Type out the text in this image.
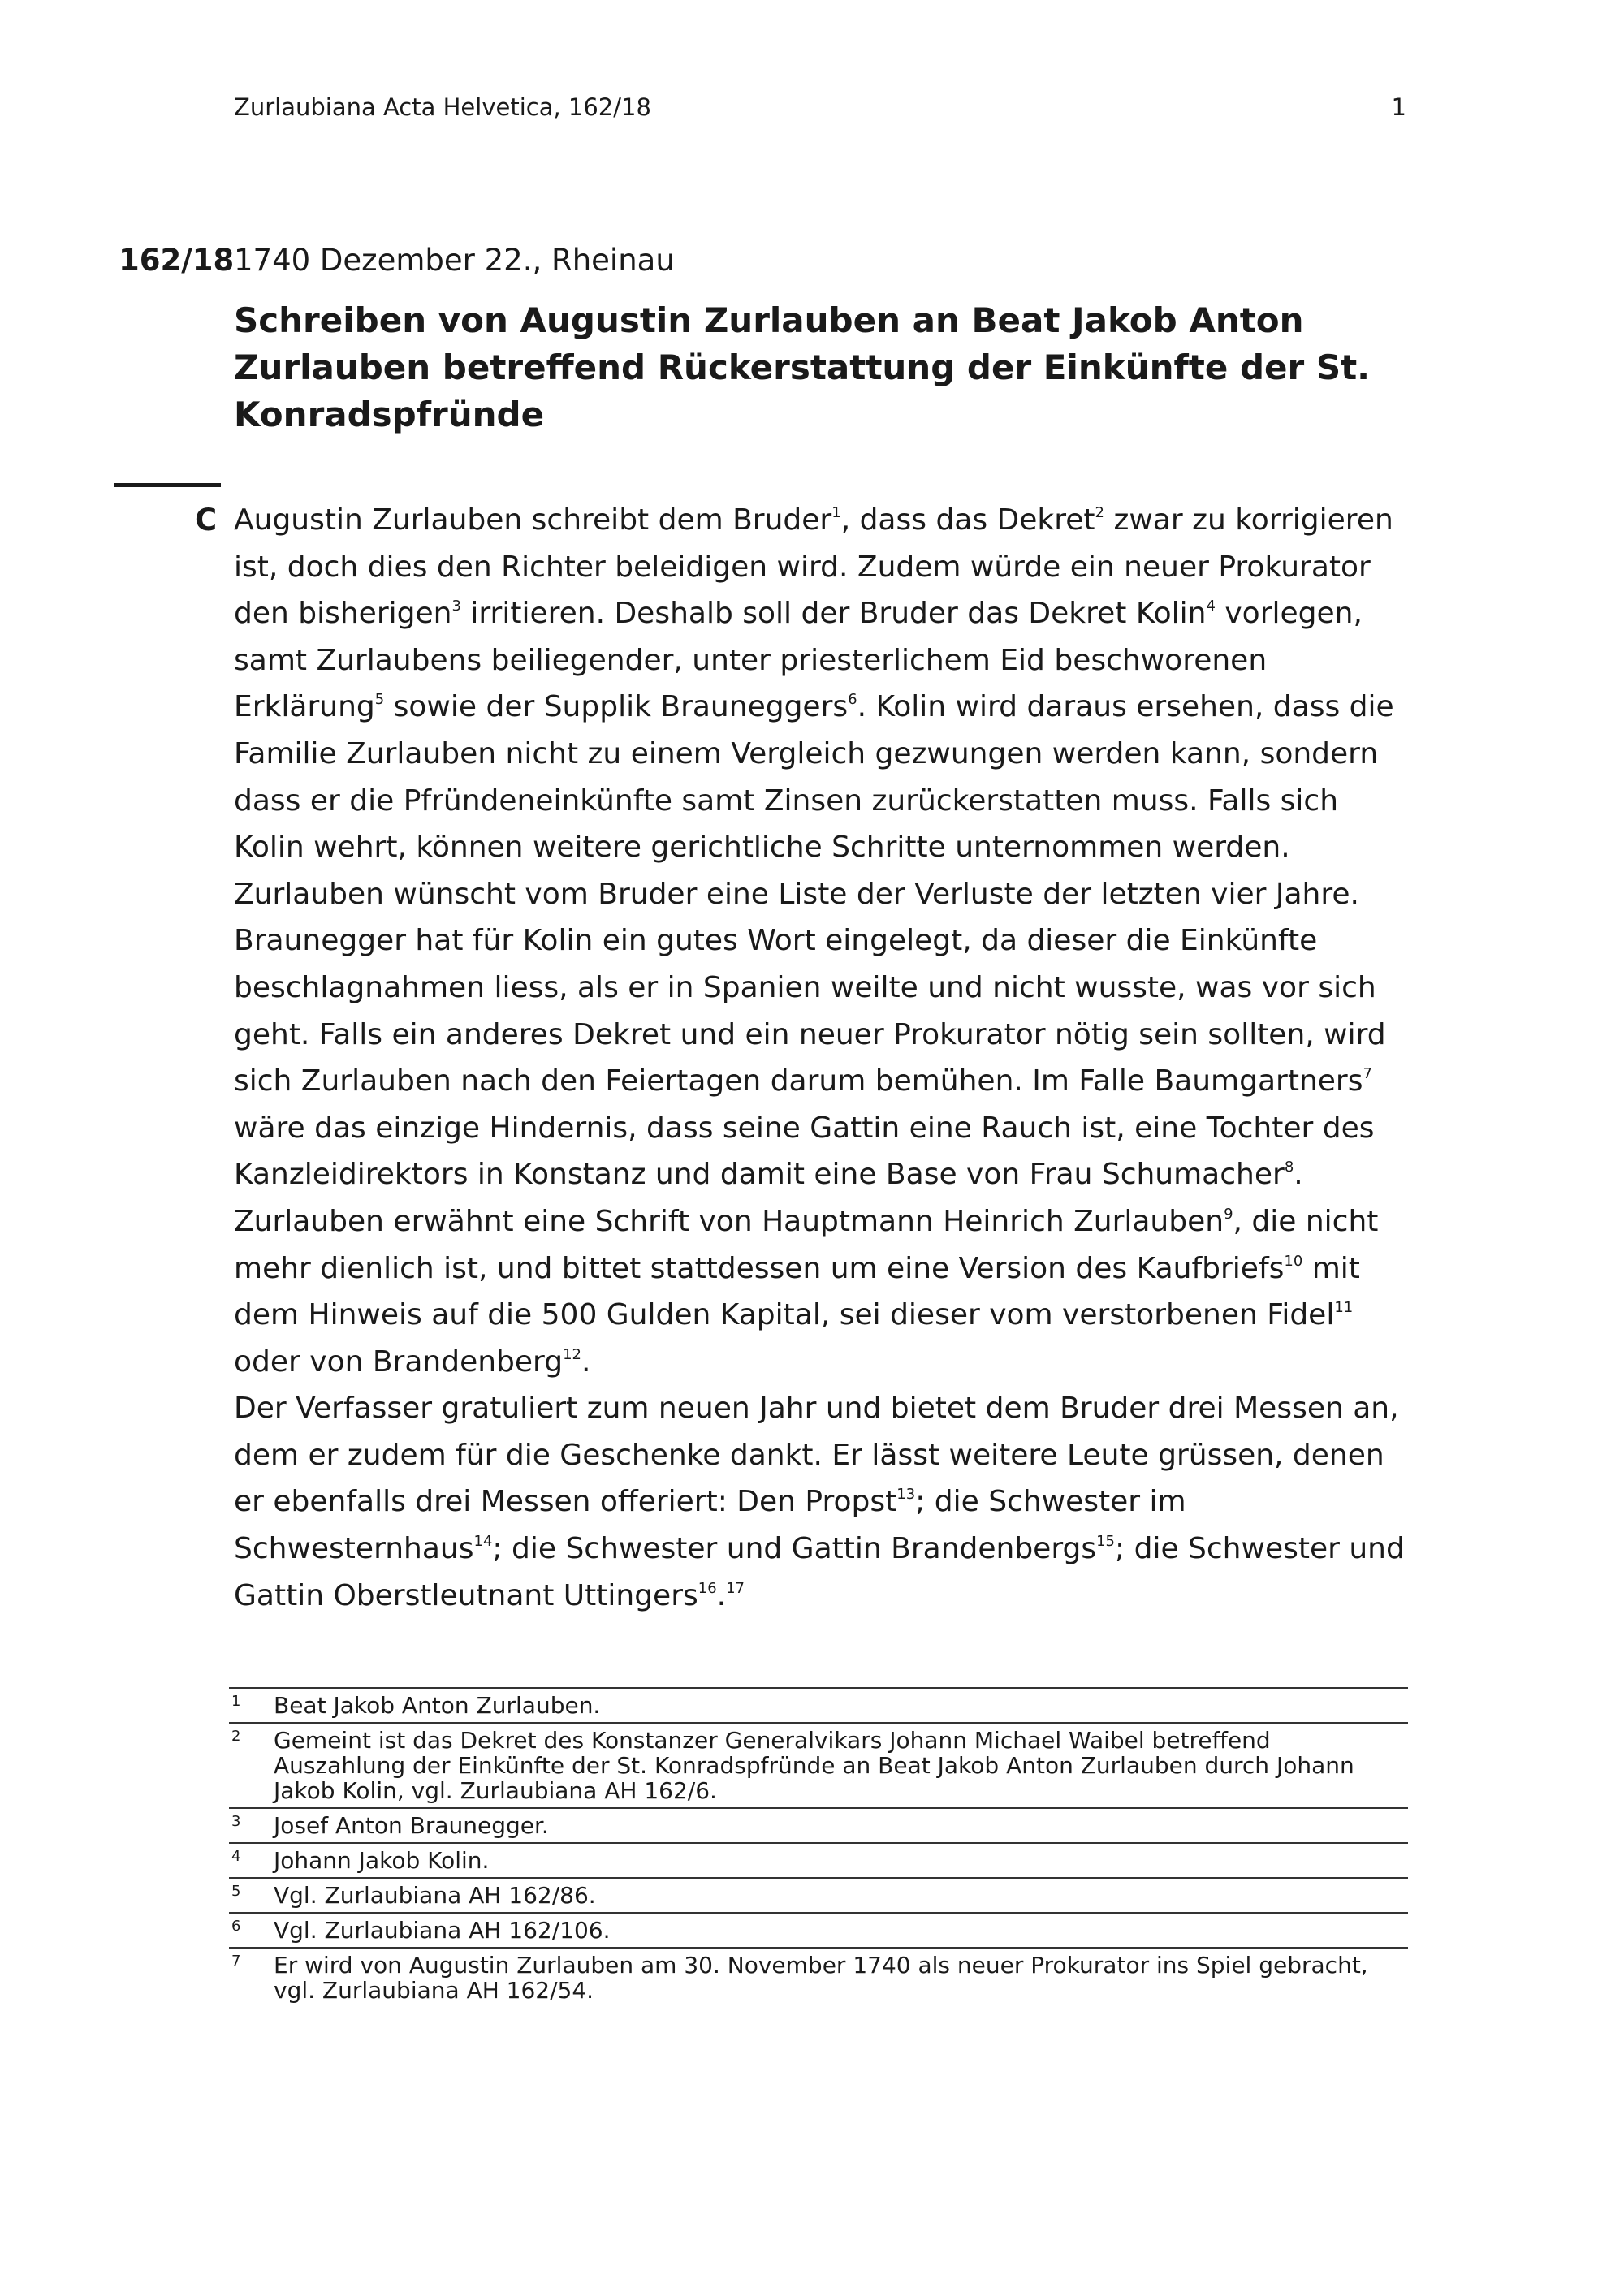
Zurlaubiana Acta Helvetica, 162/18	1
162/18 1740 Dezember 22., Rheinau
Schreiben von Augustin Zurlauben an Beat Jakob Anton Zurlauben betreffend Rückerstattung der Einkünfte der St. Konradspfründe
C Augustin Zurlauben schreibt dem Bruder$^1$, dass das Dekret$^2$ zwar zu korrigieren ist, doch dies den Richter beleidigen wird. Zudem würde ein neuer Prokurator den bisherigen$^3$ irritieren. Deshalb soll der Bruder das Dekret Kolin$^4$ vorlegen, samt Zurlaubens beiliegender, unter priesterlichem Eid beschworenen Erklärung$^5$ sowie der Supplik Brauneggers$^6$. Kolin wird daraus ersehen, dass die Familie Zurlauben nicht zu einem Vergleich gezwungen werden kann, sondern dass er die Pfründeneinkünfte samt Zinsen zurückerstatten muss. Falls sich Kolin wehrt, können weitere gerichtliche Schritte unternommen werden. Zurlauben wünscht vom Bruder eine Liste der Verluste der letzten vier Jahre. Braunegger hat für Kolin ein gutes Wort eingelegt, da dieser die Einkünfte beschlagnahmen liess, als er in Spanien weilte und nicht wusste, was vor sich geht. Falls ein anderes Dekret und ein neuer Prokurator nötig sein sollten, wird sich Zurlauben nach den Feiertagen darum bemühen. Im Falle Baumgartners$^7$ wäre das einzige Hindernis, dass seine Gattin eine Rauch ist, eine Tochter des Kanzleidirektors in Konstanz und damit eine Base von Frau Schumacher$^8$. Zurlauben erwähnt eine Schrift von Hauptmann Heinrich Zurlauben$^9$, die nicht mehr dienlich ist, und bittet stattdessen um eine Version des Kaufbriefs$^{10}$ mit dem Hinweis auf die 500 Gulden Kapital, sei dieser vom verstorbenen Fidel$^{11}$ oder von Brandenberg$^{12}$.

Der Verfasser gratuliert zum neuen Jahr und bietet dem Bruder drei Messen an, dem er zudem für die Geschenke dankt. Er lässt weitere Leute grüssen, denen er ebenfalls drei Messen offeriert: Den Propst$^{13}$; die Schwester im Schwesternhaus$^{14}$; die Schwester und Gattin Brandenbergs$^{15}$; die Schwester und Gattin Oberstleutnant Uttingers$^{16}$.$^{17}$

1	Beat Jakob Anton Zurlauben.
2	Gemeint ist das Dekret des Konstanzer Generalvikars Johann Michael Waibel betreffend Auszahlung der Einkünfte der St. Konradspfründe an Beat Jakob Anton Zurlauben durch Johann Jakob Kolin, vgl. Zurlaubiana AH 162/6.
3	Josef Anton Braunegger.
4	Johann Jakob Kolin.
5	Vgl. Zurlaubiana AH 162/86.
6	Vgl. Zurlaubiana AH 162/106.
7	Er wird von Augustin Zurlauben am 30. November 1740 als neuer Prokurator ins Spiel gebracht, vgl. Zurlaubiana AH 162/54.
